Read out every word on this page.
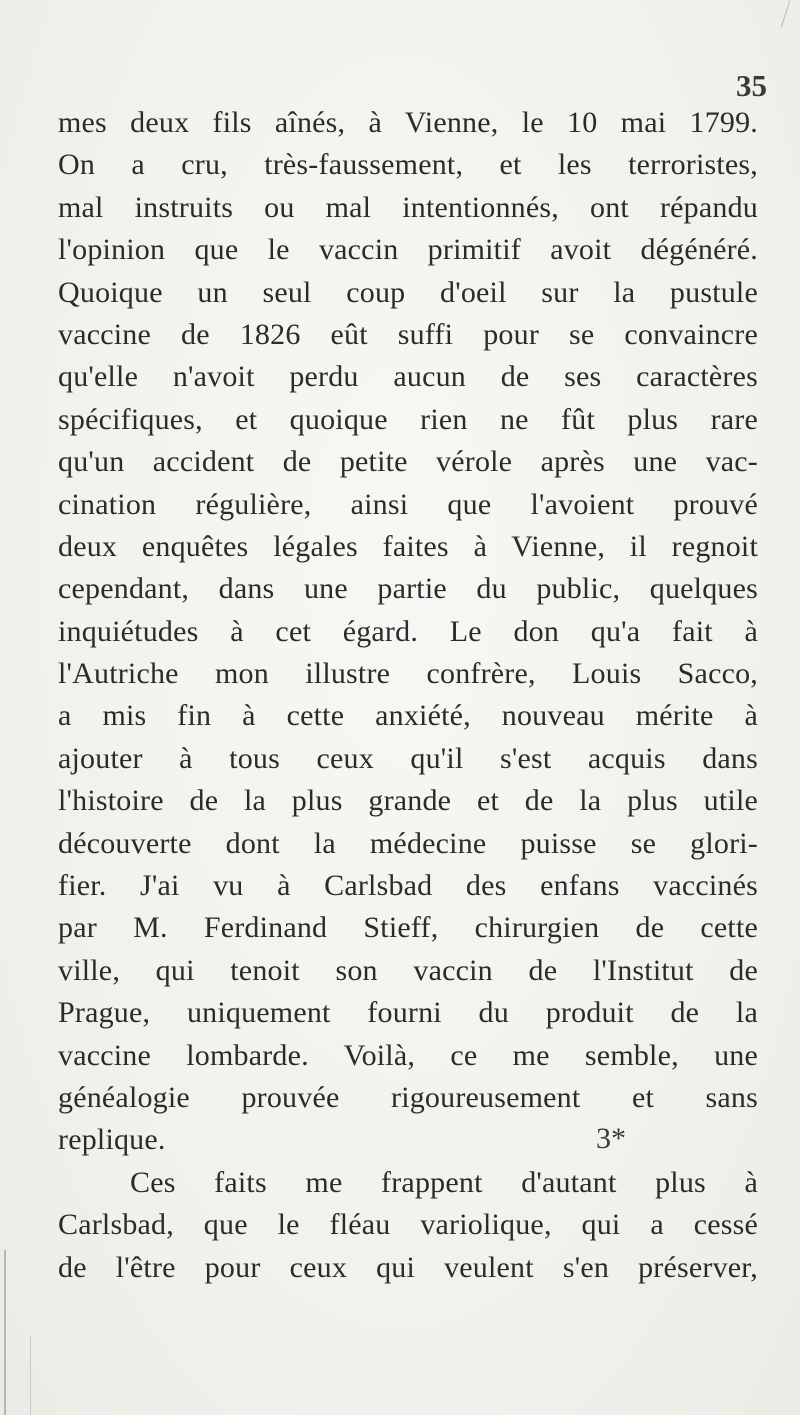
35

mes deux fils aînés, à Vienne, le 10 mai 1799.
On a cru, très-faussement, et les terroristes,
mal instruits ou mal intentionnés, ont répandu
l'opinion que le vaccin primitif avoit dégénéré.
Quoique un seul coup d'oeil sur la pustule
vaccine de 1826 eût suffi pour se convaincre
qu'elle n'avoit perdu aucun de ses caractères
spécifiques, et quoique rien ne fût plus rare
qu'un accident de petite vérole après une vac-
cination régulière, ainsi que l'avoient prouvé
deux enquêtes légales faites à Vienne, il regnoit
cependant, dans une partie du public, quelques
inquiétudes à cet égard. Le don qu'a fait à
l'Autriche mon illustre confrère, Louis Sacco,
a mis fin à cette anxiété, nouveau mérite à
ajouter à tous ceux qu'il s'est acquis dans
l'histoire de la plus grande et de la plus utile
découverte dont la médecine puisse se glori-
fier. J'ai vu à Carlsbad des enfans vaccinés
par M. Ferdinand Stieff, chirurgien de cette
ville, qui tenoit son vaccin de l'Institut de
Prague, uniquement fourni du produit de la
vaccine lombarde. Voilà, ce me semble, une
généalogie prouvée rigoureusement et sans
replique.
Ces faits me frappent d'autant plus à
Carlsbad, que le fléau variolique, qui a cessé
de l'être pour ceux qui veulent s'en préserver,

3*
